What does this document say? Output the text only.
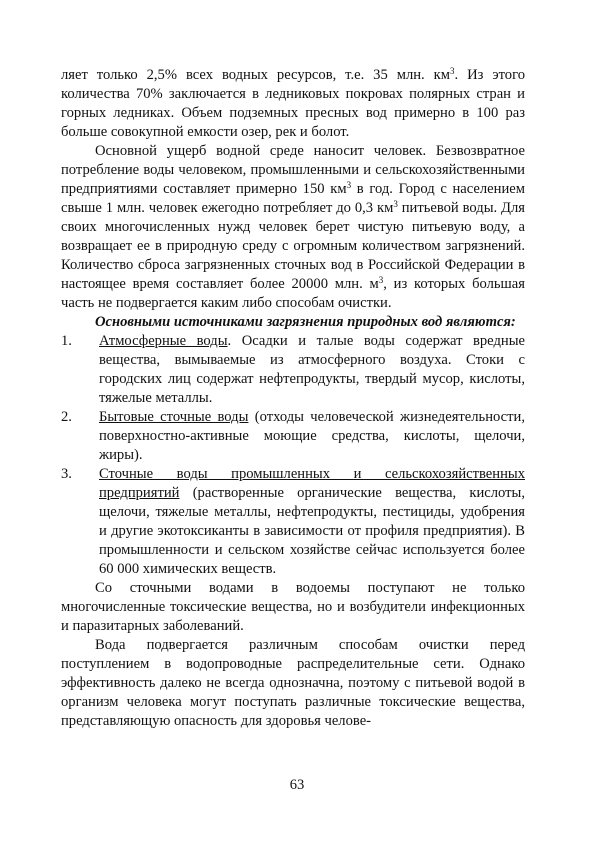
ляет только 2,5% всех водных ресурсов, т.е. 35 млн. $км^3$. Из этого количества 70% заключается в ледниковых покровах полярных стран и горных ледниках. Объем подземных пресных вод примерно в 100 раз больше совокупной емкости озер, рек и болот.

Основной ущерб водной среде наносит человек. Безвозвратное потребление воды человеком, промышленными и сельскохозяйственными предприятиями составляет примерно 150 $км^3$ в год. Город с населением свыше 1 млн. человек ежегодно потребляет до 0,3 $км^3$ питьевой воды. Для своих многочисленных нужд человек берет чистую питьевую воду, а возвращает ее в природную среду с огромным количеством загрязнений. Количество сброса загрязненных сточных вод в Российской Федерации в настоящее время составляет более 20000 млн. $м^3$, из которых большая часть не подвергается каким либо способам очистки.

Основными источниками загрязнения природных вод являются:

1. Атмосферные воды. Осадки и талые воды содержат вредные вещества, вымываемые из атмосферного воздуха. Стоки с городских лиц содержат нефтепродукты, твердый мусор, кислоты, тяжелые металлы.
2. Бытовые сточные воды (отходы человеческой жизнедеятельности, поверхностно-активные моющие средства, кислоты, щелочи, жиры).
3. Сточные воды промышленных и сельскохозяйственных предприятий (растворенные органические вещества, кислоты, щелочи, тяжелые металлы, нефтепродукты, пестициды, удобрения и другие экотоксиканты в зависимости от профиля предприятия). В промышленности и сельском хозяйстве сейчас используется более 60 000 химических веществ.

Со сточными водами в водоемы поступают не только многочисленные токсические вещества, но и возбудители инфекционных и паразитарных заболеваний.

Вода подвергается различным способам очистки перед поступлением в водопроводные распределительные сети. Однако эффективность далеко не всегда однозначна, поэтому с питьевой водой в организм человека могут поступать различные токсические вещества, представляющую опасность для здоровья челове-

63
